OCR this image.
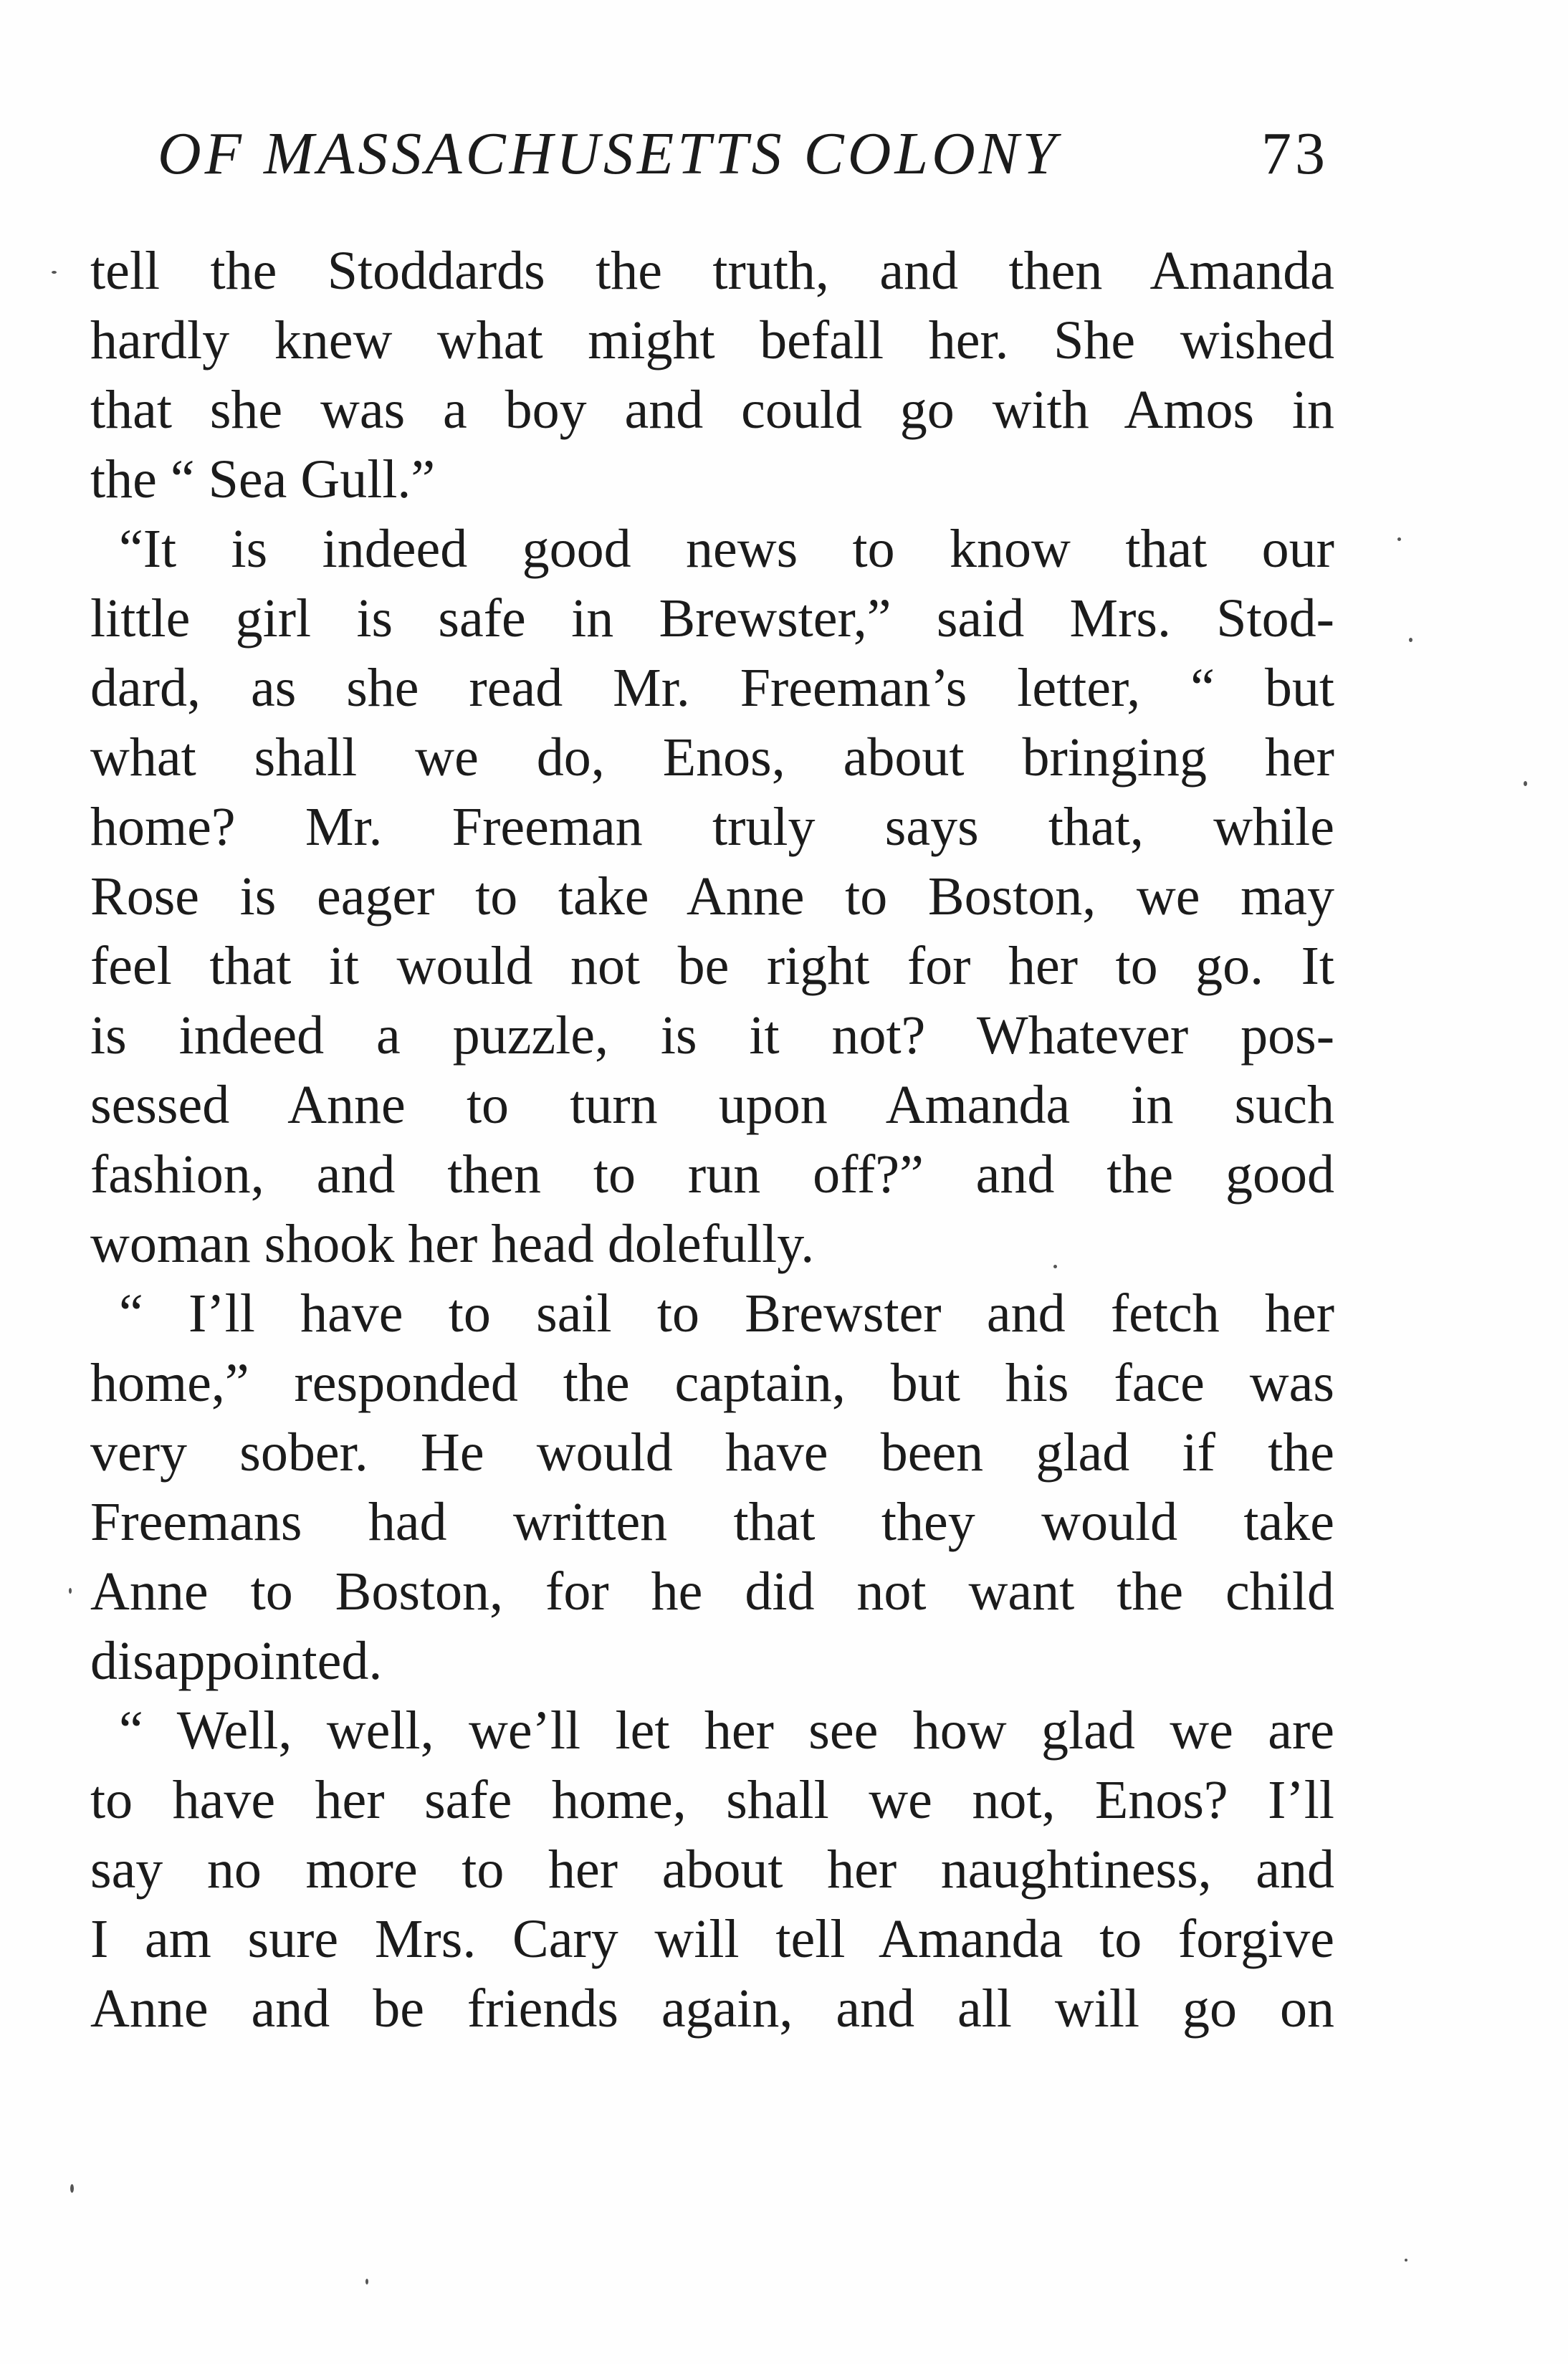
OF MASSACHUSETTS COLONY	73
tell the Stoddards the truth, and then Amanda
hardly knew what might befall her. She wished
that she was a boy and could go with Amos in
the “ Sea Gull.”
“It is indeed good news to know that our
little girl is safe in Brewster,” said Mrs. Stod-
dard, as she read Mr. Freeman’s letter, “ but
what shall we do, Enos, about bringing her
home? Mr. Freeman truly says that, while
Rose is eager to take Anne to Boston, we may
feel that it would not be right for her to go. It
is indeed a puzzle, is it not? Whatever pos-
sessed Anne to turn upon Amanda in such
fashion, and then to run off?” and the good
woman shook her head dolefully.
“ I’ll have to sail to Brewster and fetch her
home,” responded the captain, but his face was
very sober. He would have been glad if the
Freemans had written that they would take
Anne to Boston, for he did not want the child
disappointed.
“ Well, well, we’ll let her see how glad we are
to have her safe home, shall we not, Enos? I’ll
say no more to her about her naughtiness, and
I am sure Mrs. Cary will tell Amanda to forgive
Anne and be friends again, and all will go on
